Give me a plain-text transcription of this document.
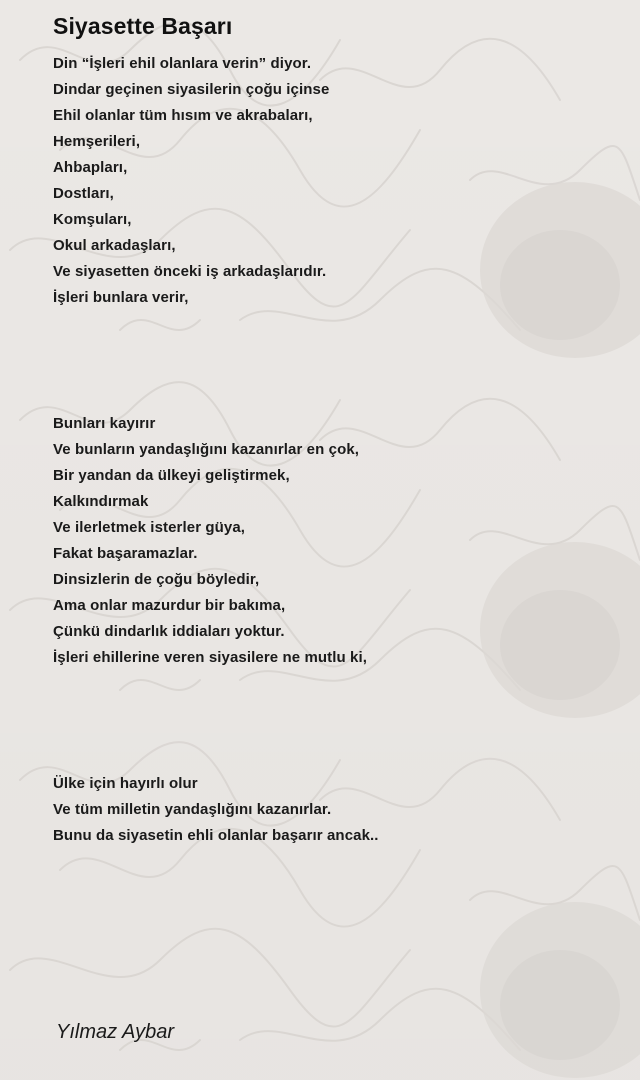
Siyasette Başarı
Din “İşleri ehil olanlara verin” diyor.
Dindar geçinen siyasilerin çoğu içinse
Ehil olanlar tüm hısım ve akrabaları,
Hemşerileri,
Ahbapları,
Dostları,
Komşuları,
Okul arkadaşları,
Ve siyasetten önceki iş arkadaşlarıdır.
İşleri bunlara verir,
Bunları kayırır
Ve bunların yandaşlığını kazanırlar en çok,
Bir yandan da ülkeyi geliştirmek,
Kalkındırmak
Ve ilerletmek isterler güya,
Fakat başaramazlar.
Dinsizlerin de çoğu böyledir,
Ama onlar mazurdur bir bakıma,
Çünkü dindarlık iddiaları yoktur.
İşleri ehillerine veren siyasilere ne mutlu ki,
Ülke için hayırlı olur
Ve tüm milletin yandaşlığını kazanırlar.
Bunu da siyasetin ehli olanlar başarır ancak..
Yılmaz Aybar
